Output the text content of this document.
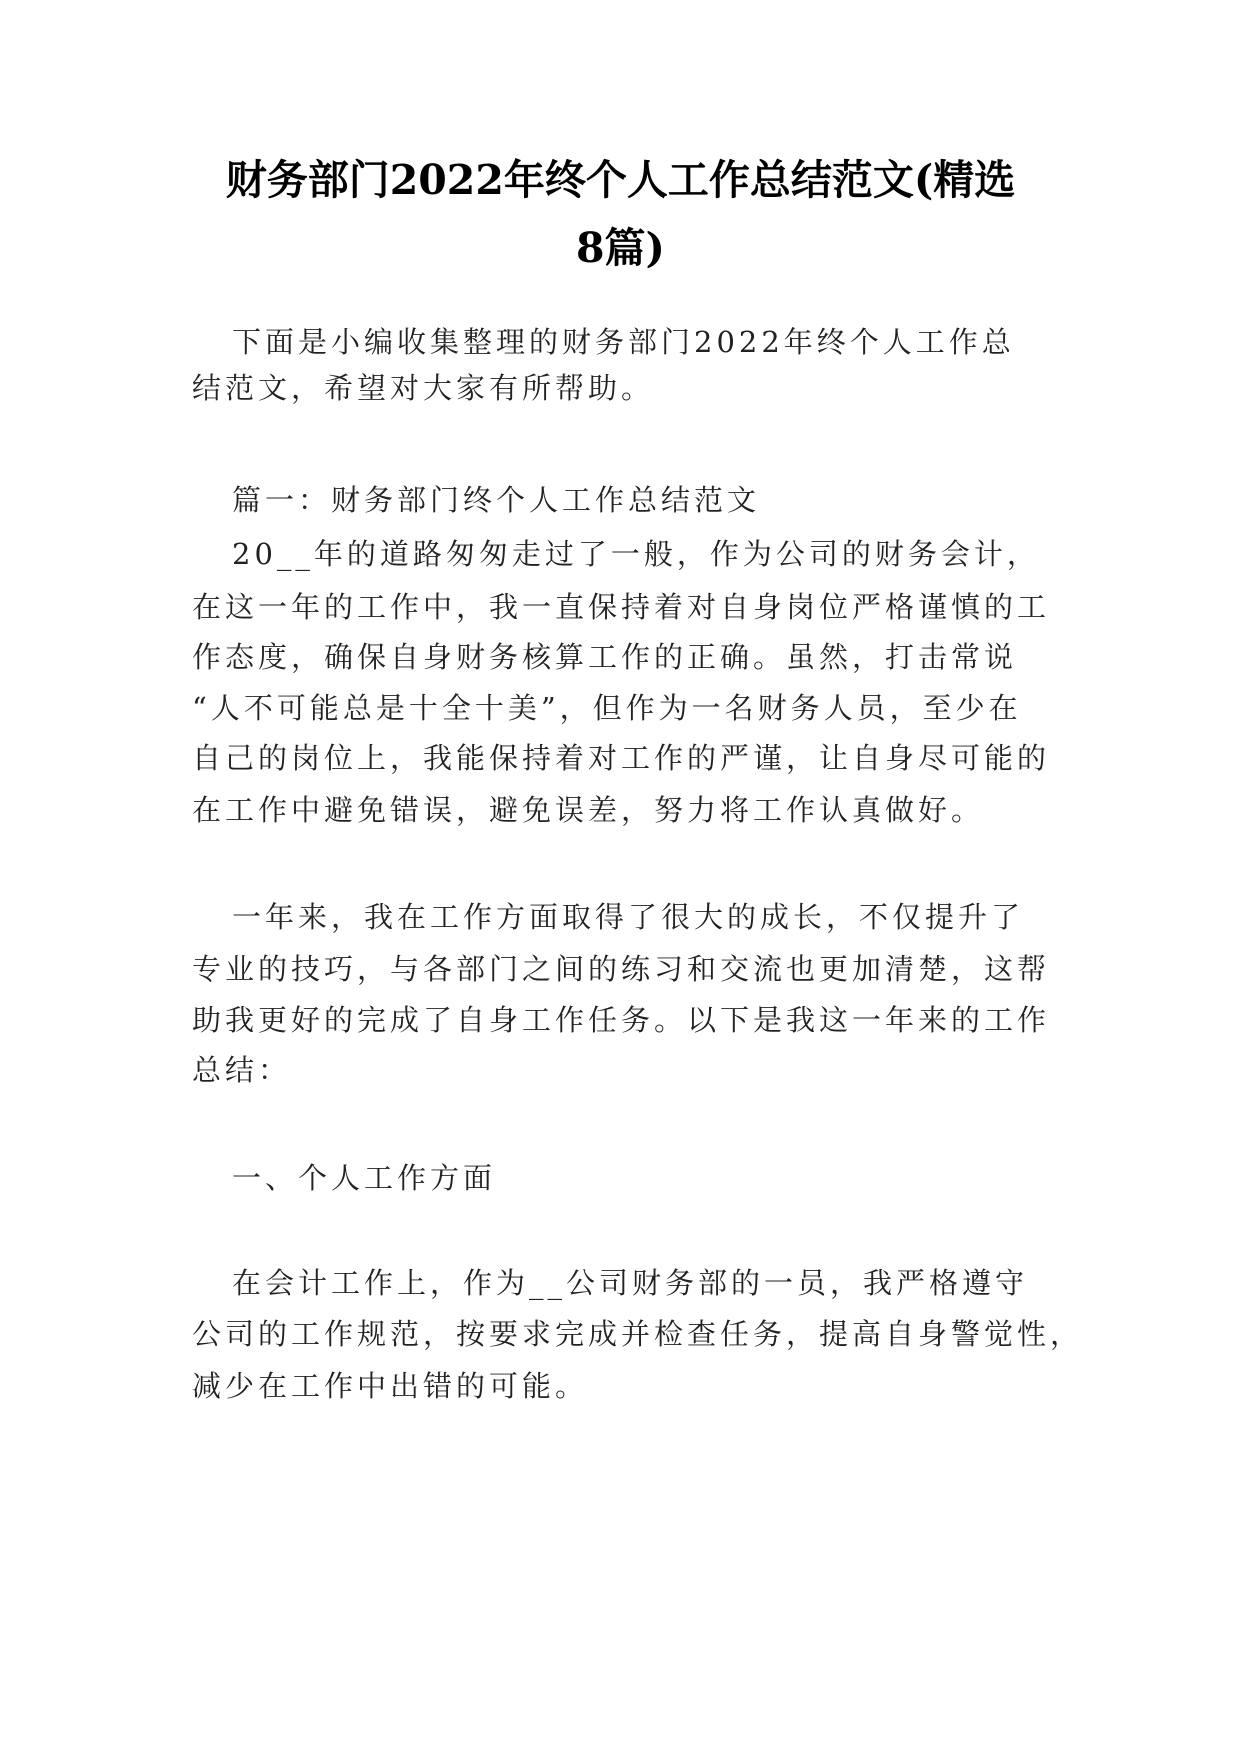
财务部门2022年终个人工作总结范文(精选
8篇)
下面是小编收集整理的财务部门2022年终个人工作总
结范文，希望对大家有所帮助。
篇一：财务部门终个人工作总结范文
20__年的道路匆匆走过了一般，作为公司的财务会计，
在这一年的工作中，我一直保持着对自身岗位严格谨慎的工
作态度，确保自身财务核算工作的正确。虽然，打击常说
“人不可能总是十全十美”，但作为一名财务人员，至少在
自己的岗位上，我能保持着对工作的严谨，让自身尽可能的
在工作中避免错误，避免误差，努力将工作认真做好。
一年来，我在工作方面取得了很大的成长，不仅提升了
专业的技巧，与各部门之间的练习和交流也更加清楚，这帮
助我更好的完成了自身工作任务。以下是我这一年来的工作
总结：
一、个人工作方面
在会计工作上，作为__公司财务部的一员，我严格遵守
公司的工作规范，按要求完成并检查任务，提高自身警觉性，
减少在工作中出错的可能。
